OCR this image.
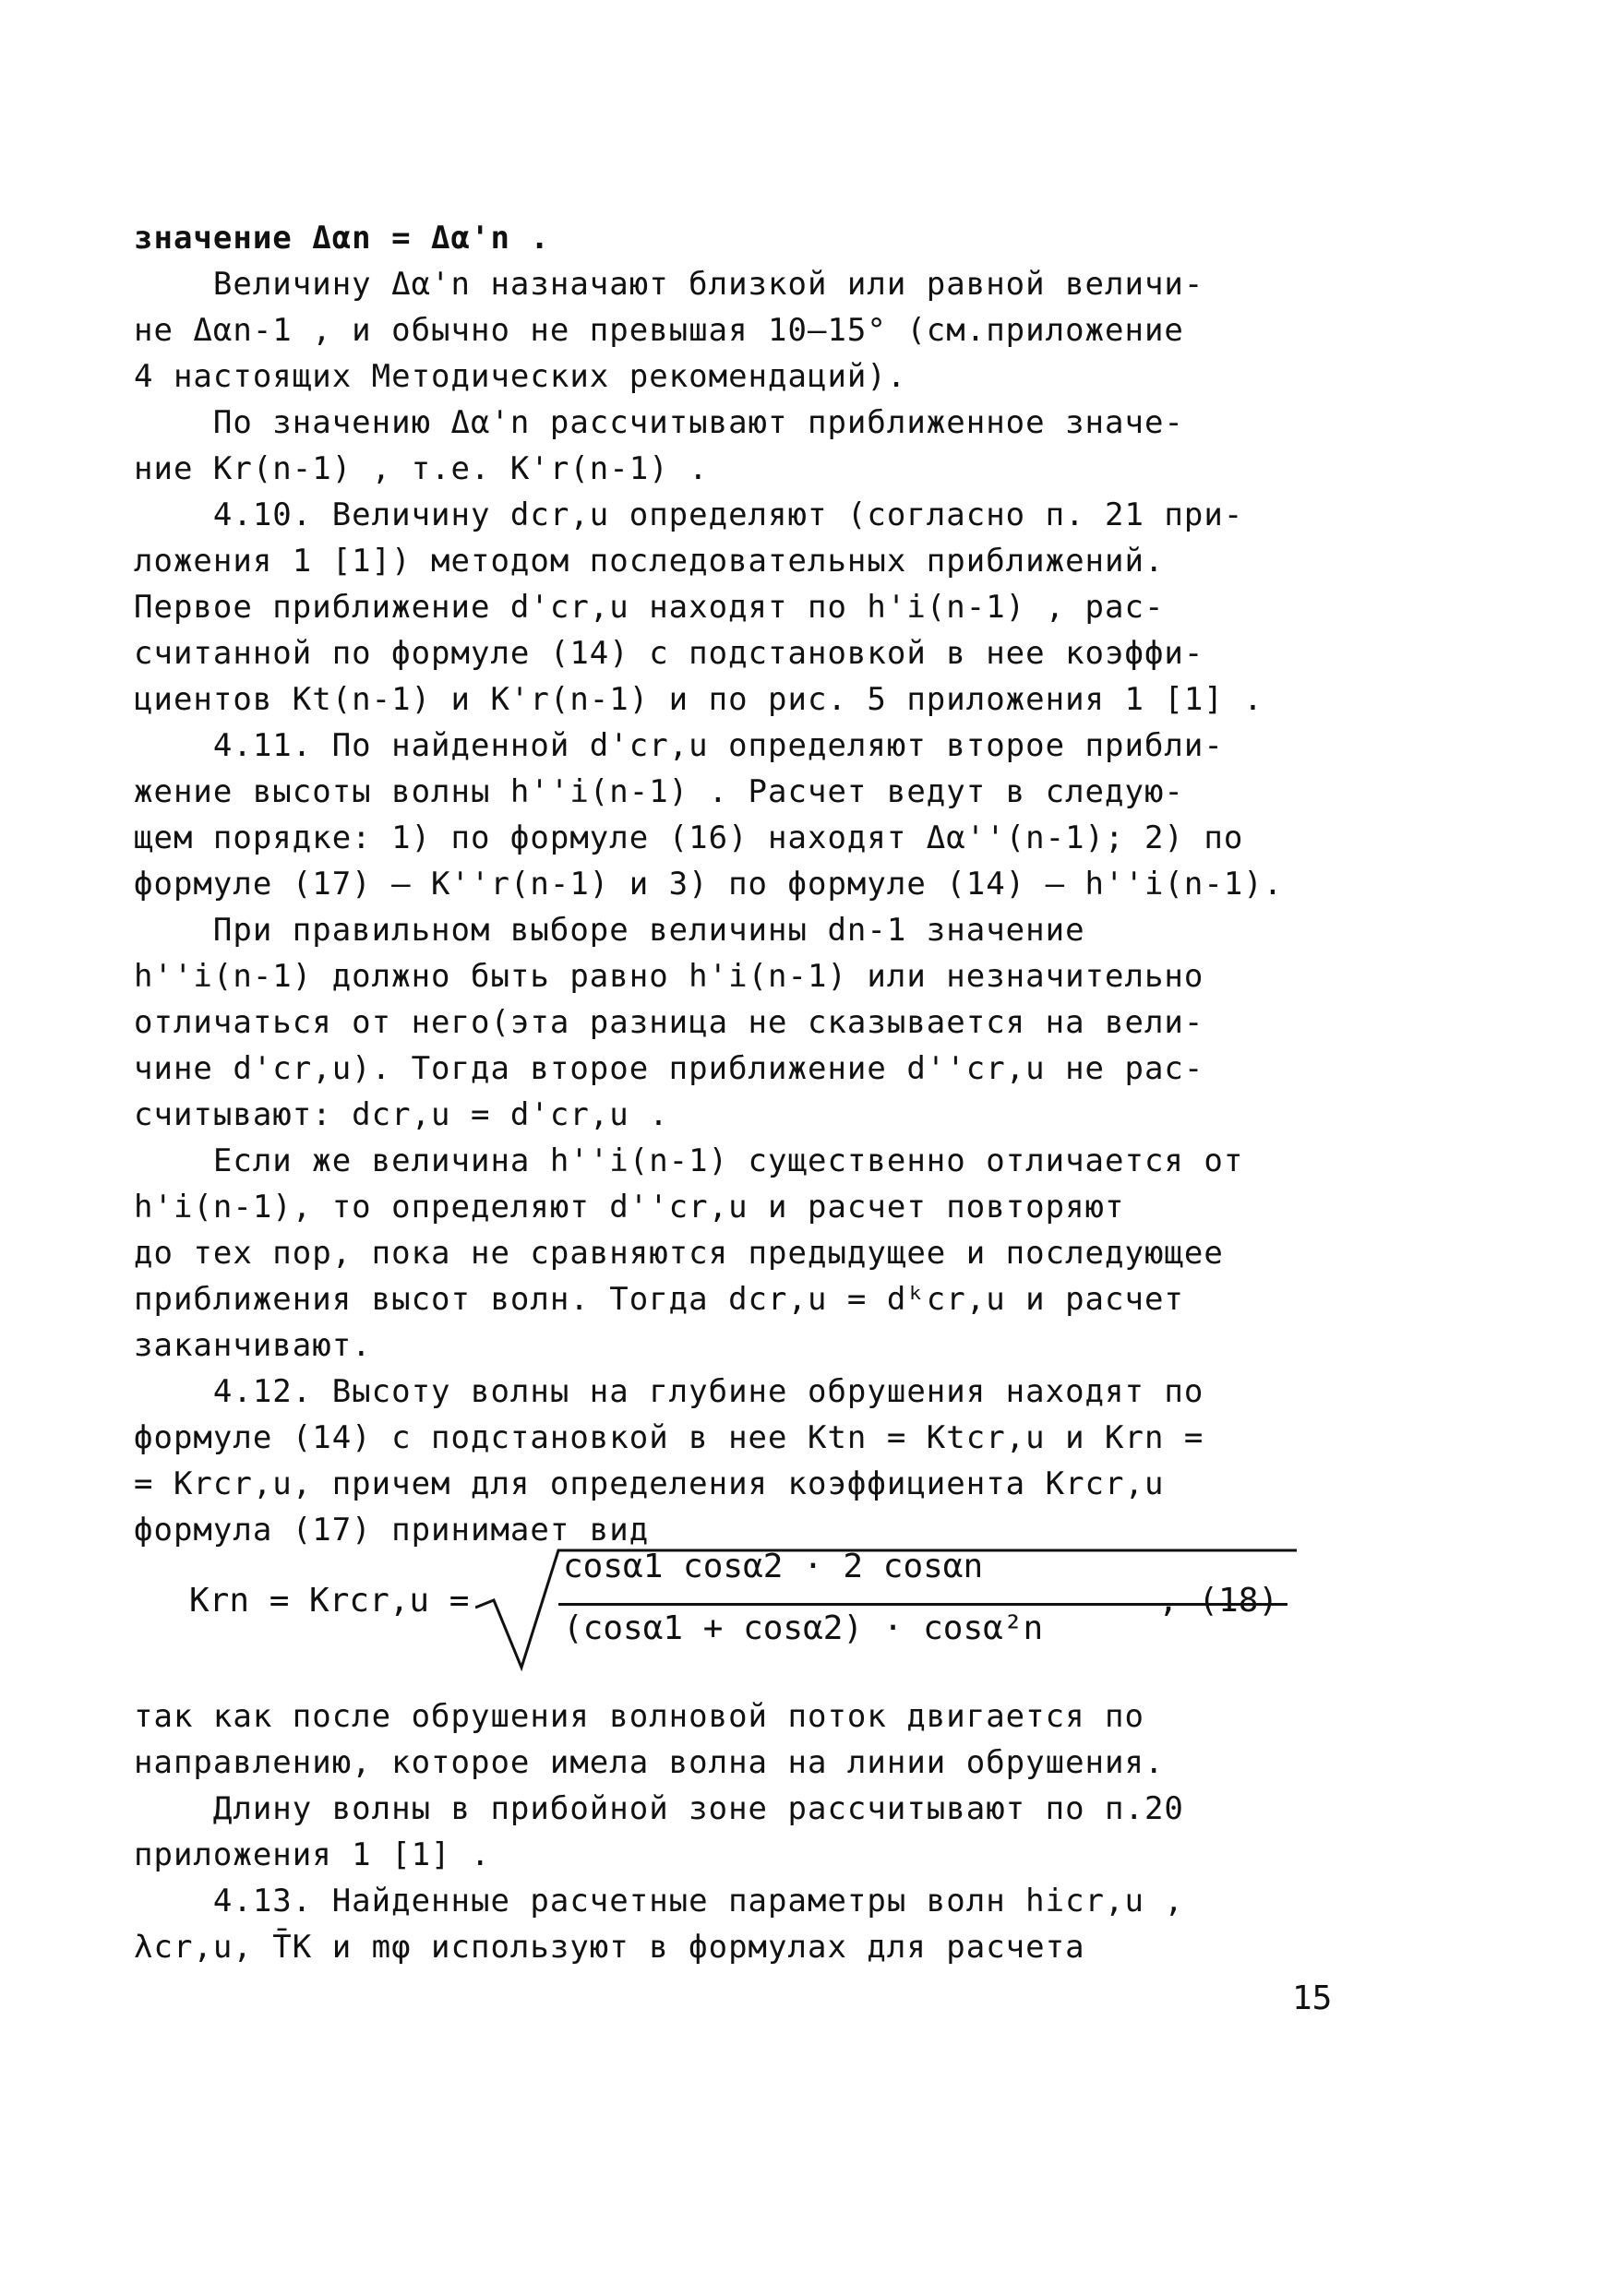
значение Δαn = Δα'n .
Величину Δα'n назначают близкой или равной величи-
не Δαn-1 , и обычно не превышая 10–15° (см.приложение
4 настоящих Методических рекомендаций).
По значению Δα'n рассчитывают приближенное значе-
ние Kr(n-1) , т.е. K'r(n-1) .
4.10. Величину dcr,u определяют (согласно п. 21 при-
ложения 1 [1]) методом последовательных приближений.
Первое приближение d'cr,u находят по h'i(n-1) , рас-
считанной по формуле (14) с подстановкой в нее коэффи-
циентов Kt(n-1) и K'r(n-1) и по рис. 5 приложения 1 [1] .
4.11. По найденной d'cr,u определяют второе прибли-
жение высоты волны h''i(n-1) . Расчет ведут в следую-
щем порядке: 1) по формуле (16) находят Δα''(n-1); 2) по
формуле (17) – K''r(n-1) и 3) по формуле (14) – h''i(n-1).
При правильном выборе величины dn-1 значение
h''i(n-1) должно быть равно h'i(n-1) или незначительно
отличаться от него(эта разница не сказывается на вели-
чине d'cr,u). Тогда второе приближение d''cr,u не рас-
считывают: dcr,u = d'cr,u .
Если же величина h''i(n-1) существенно отличается от
h'i(n-1), то определяют d''cr,u и расчет повторяют
до тех пор, пока не сравняются предыдущее и последующее
приближения высот волн. Тогда dcr,u = dᵏcr,u и расчет
заканчивают.
4.12. Высоту волны на глубине обрушения находят по
формуле (14) с подстановкой в нее Ktn = Ktcr,u и Krn =
= Krcr,u, причем для определения коэффициента Krcr,u
формула (17) принимает вид
Krn = Krcr,u =
cosα1 cosα2 · 2 cosαn
(cosα1 + cosα2) · cosα²n
, (18)
так как после обрушения волновой поток двигается по
направлению, которое имела волна на линии обрушения.
Длину волны в прибойной зоне рассчитывают по п.20
приложения 1 [1] .
4.13. Найденные расчетные параметры волн hicr,u ,
λcr,u, T̄K и mφ используют в формулах для расчета
15
